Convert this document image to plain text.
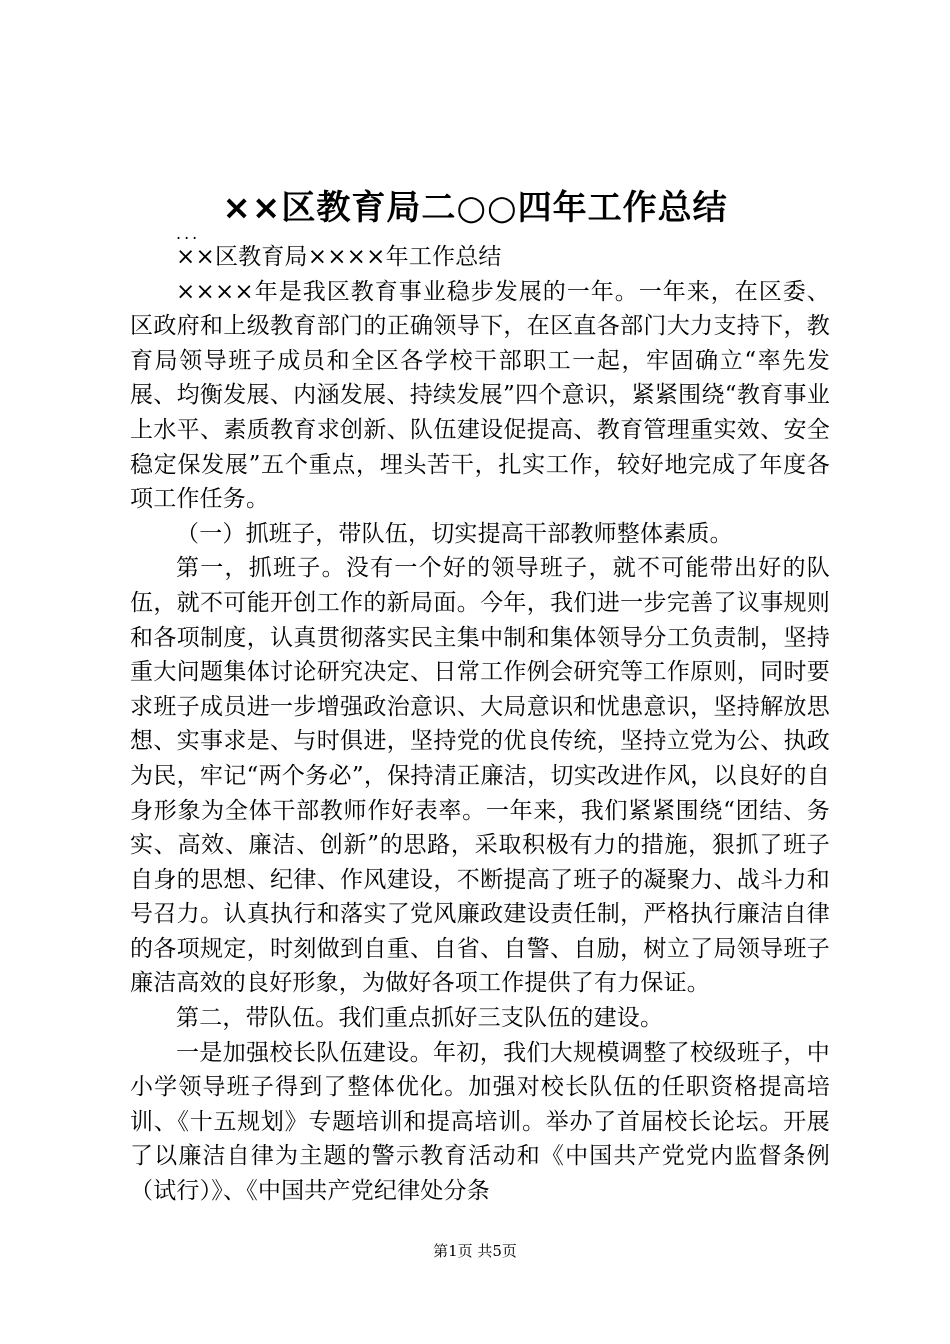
××区教育局二○○四年工作总结
...

××区教育局××××年工作总结

××××年是我区教育事业稳步发展的一年。一年来，在区委、区政府和上级教育部门的正确领导下，在区直各部门大力支持下，教育局领导班子成员和全区各学校干部职工一起，牢固确立“率先发展、均衡发展、内涵发展、持续发展”四个意识，紧紧围绕“教育事业上水平、素质教育求创新、队伍建设促提高、教育管理重实效、安全稳定保发展”五个重点，埋头苦干，扎实工作，较好地完成了年度各项工作任务。

（一）抓班子，带队伍，切实提高干部教师整体素质。

第一，抓班子。没有一个好的领导班子，就不可能带出好的队伍，就不可能开创工作的新局面。今年，我们进一步完善了议事规则和各项制度，认真贯彻落实民主集中制和集体领导分工负责制，坚持重大问题集体讨论研究决定、日常工作例会研究等工作原则，同时要求班子成员进一步增强政治意识、大局意识和忧患意识，坚持解放思想、实事求是、与时俱进，坚持党的优良传统，坚持立党为公、执政为民，牢记“两个务必”，保持清正廉洁，切实改进作风，以良好的自身形象为全体干部教师作好表率。一年来，我们紧紧围绕“团结、务实、高效、廉洁、创新”的思路，采取积极有力的措施，狠抓了班子自身的思想、纪律、作风建设，不断提高了班子的凝聚力、战斗力和号召力。认真执行和落实了党风廉政建设责任制，严格执行廉洁自律的各项规定，时刻做到自重、自省、自警、自励，树立了局领导班子廉洁高效的良好形象，为做好各项工作提供了有力保证。

第二，带队伍。我们重点抓好三支队伍的建设。

一是加强校长队伍建设。年初，我们大规模调整了校级班子，中小学领导班子得到了整体优化。加强对校长队伍的任职资格提高培训、《十五规划》专题培训和提高培训。举办了首届校长论坛。开展了以廉洁自律为主题的警示教育活动和《中国共产党党内监督条例（试行）》、《中国共产党纪律处分条

第1页 共5页
